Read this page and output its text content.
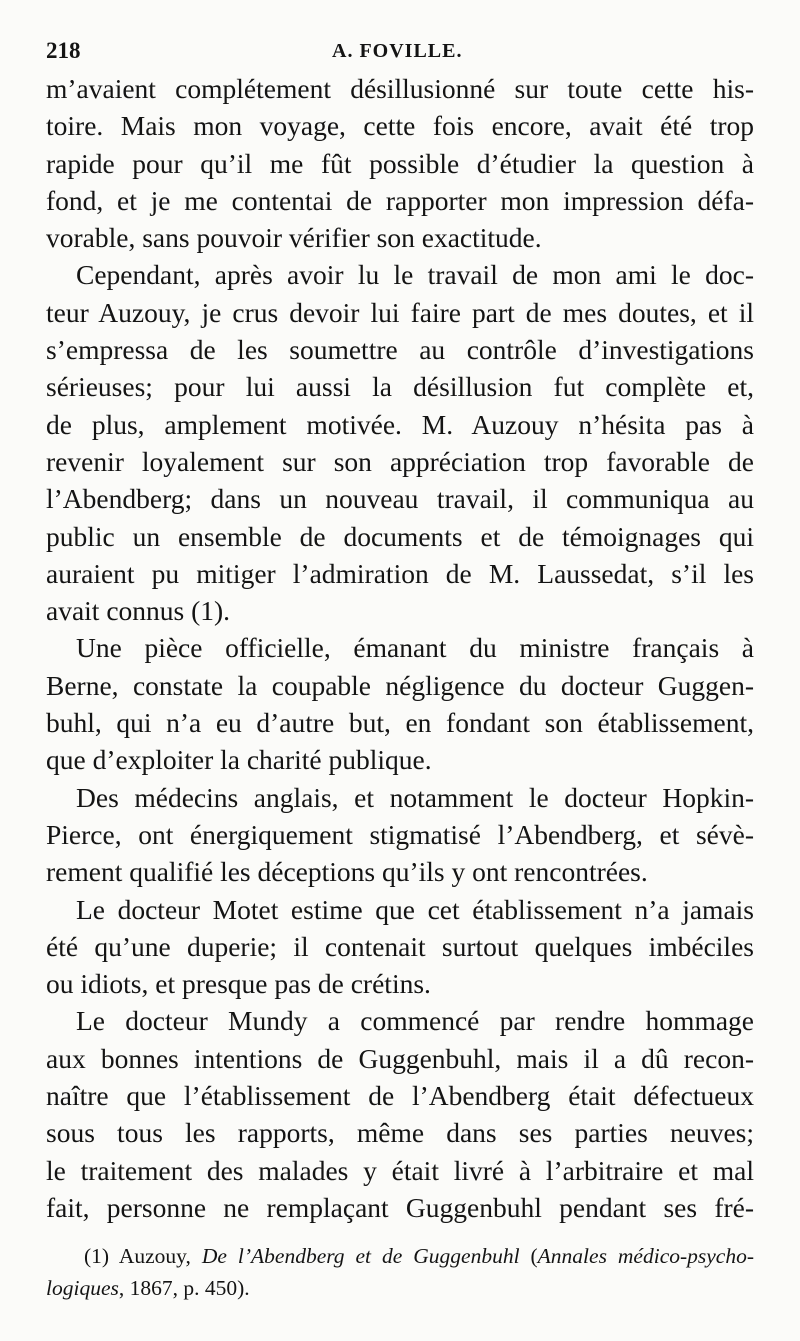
218	A. FOVILLE.
m’avaient complétement désillusionné sur toute cette his-
toire. Mais mon voyage, cette fois encore, avait été trop
rapide pour qu’il me fût possible d’étudier la question à
fond, et je me contentai de rapporter mon impression défa-
vorable, sans pouvoir vérifier son exactitude.
Cependant, après avoir lu le travail de mon ami le doc-
teur Auzouy, je crus devoir lui faire part de mes doutes, et il
s’empressa de les soumettre au contrôle d’investigations
sérieuses; pour lui aussi la désillusion fut complète et,
de plus, amplement motivée. M. Auzouy n’hésita pas à
revenir loyalement sur son appréciation trop favorable de
l’Abendberg; dans un nouveau travail, il communiqua au
public un ensemble de documents et de témoignages qui
auraient pu mitiger l’admiration de M. Laussedat, s’il les
avait connus (1).
Une pièce officielle, émanant du ministre français à
Berne, constate la coupable négligence du docteur Guggen-
buhl, qui n’a eu d’autre but, en fondant son établissement,
que d’exploiter la charité publique.
Des médecins anglais, et notamment le docteur Hopkin-
Pierce, ont énergiquement stigmatisé l’Abendberg, et sévè-
rement qualifié les déceptions qu’ils y ont rencontrées.
Le docteur Motet estime que cet établissement n’a jamais
été qu’une duperie; il contenait surtout quelques imbéciles
ou idiots, et presque pas de crétins.
Le docteur Mundy a commencé par rendre hommage
aux bonnes intentions de Guggenbuhl, mais il a dû recon-
naître que l’établissement de l’Abendberg était défectueux
sous tous les rapports, même dans ses parties neuves;
le traitement des malades y était livré à l’arbitraire et mal
fait, personne ne remplaçant Guggenbuhl pendant ses fré-
(1) Auzouy, De l’Abendberg et de Guggenbuhl (Annales médico-psycho-
logiques, 1867, p. 450).
